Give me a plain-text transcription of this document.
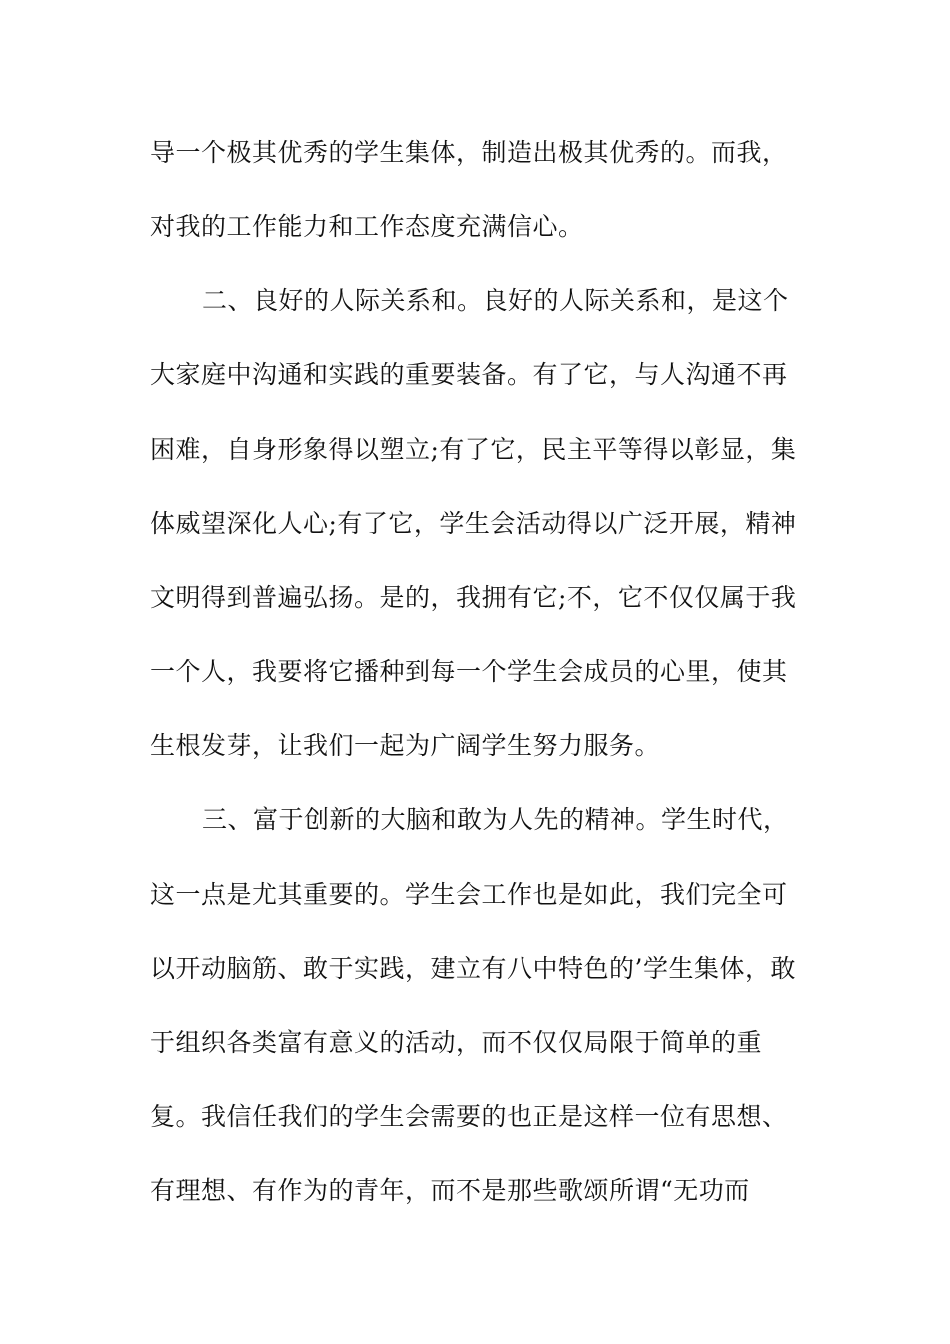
导一个极其优秀的学生集体，制造出极其优秀的。而我，
对我的工作能力和工作态度充满信心。
二、良好的人际关系和。良好的人际关系和，是这个
大家庭中沟通和实践的重要装备。有了它，与人沟通不再
困难，自身形象得以塑立;有了它，民主平等得以彰显，集
体威望深化人心;有了它，学生会活动得以广泛开展，精神
文明得到普遍弘扬。是的，我拥有它;不，它不仅仅属于我
一个人，我要将它播种到每一个学生会成员的心里，使其
生根发芽，让我们一起为广阔学生努力服务。
三、富于创新的大脑和敢为人先的精神。学生时代，
这一点是尤其重要的。学生会工作也是如此，我们完全可
以开动脑筋、敢于实践，建立有八中特色的’学生集体，敢
于组织各类富有意义的活动，而不仅仅局限于简单的重
复。我信任我们的学生会需要的也正是这样一位有思想、
有理想、有作为的青年，而不是那些歌颂所谓“无功而
